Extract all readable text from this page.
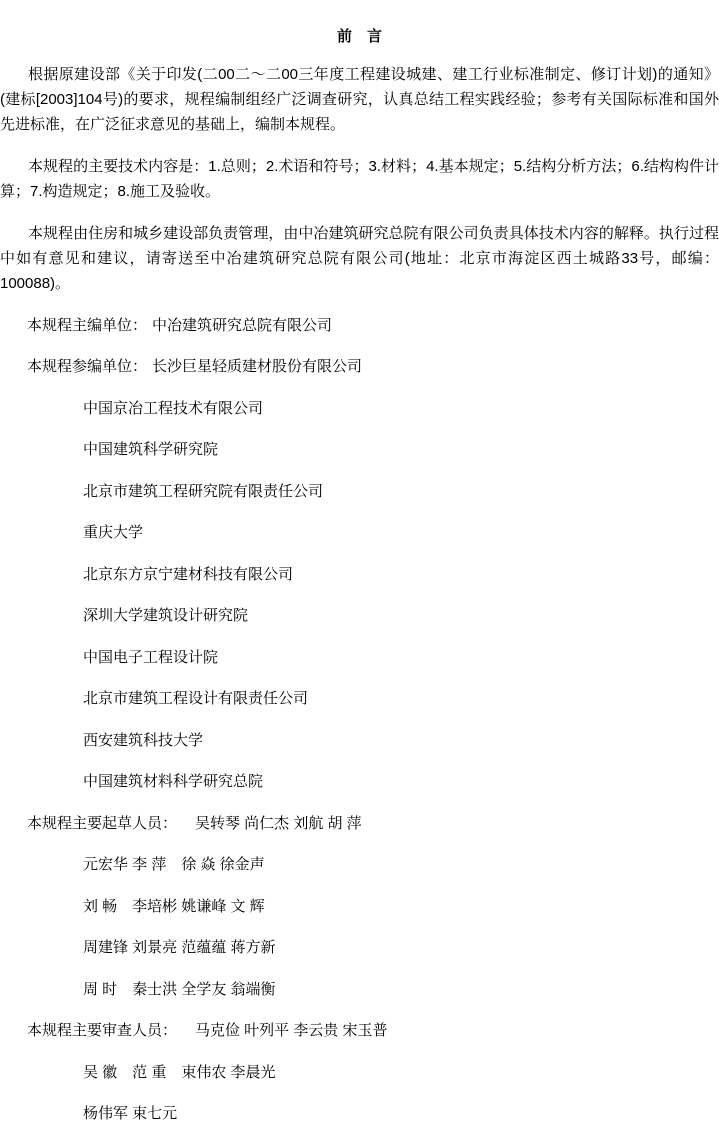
前　言
根据原建设部《关于印发(二00二～二00三年度工程建设城建、建工行业标准制定、修订计划)的通知》(建标[2003]104号)的要求，规程编制组经广泛调查研究，认真总结工程实践经验；参考有关国际标准和国外先进标准，在广泛征求意见的基础上，编制本规程。
本规程的主要技术内容是：1.总则；2.术语和符号；3.材料；4.基本规定；5.结构分析方法；6.结构构件计算；7.构造规定；8.施工及验收。
本规程由住房和城乡建设部负责管理，由中冶建筑研究总院有限公司负责具体技术内容的解释。执行过程中如有意见和建议，请寄送至中冶建筑研究总院有限公司(地址：北京市海淀区西土城路33号，邮编：100088)。
本规程主编单位： 中冶建筑研究总院有限公司
本规程参编单位： 长沙巨星轻质建材股份有限公司
中国京冶工程技术有限公司
中国建筑科学研究院
北京市建筑工程研究院有限责任公司
重庆大学
北京东方京宁建材科技有限公司
深圳大学建筑设计研究院
中国电子工程设计院
北京市建筑工程设计有限责任公司
西安建筑科技大学
中国建筑材料科学研究总院
本规程主要起草人员： 吴转琴 尚仁杰 刘航 胡 萍
元宏华 李 萍　徐 焱 徐金声
刘 畅　李培彬 姚谦峰 文 辉
周建锋 刘景亮 范蕴蕴 蒋方新
周 时　秦士洪 全学友 翁端衡
本规程主要审查人员： 马克俭 叶列平 李云贵 宋玉普
吴 徽　范 重　束伟农 李晨光
杨伟军 束七元
